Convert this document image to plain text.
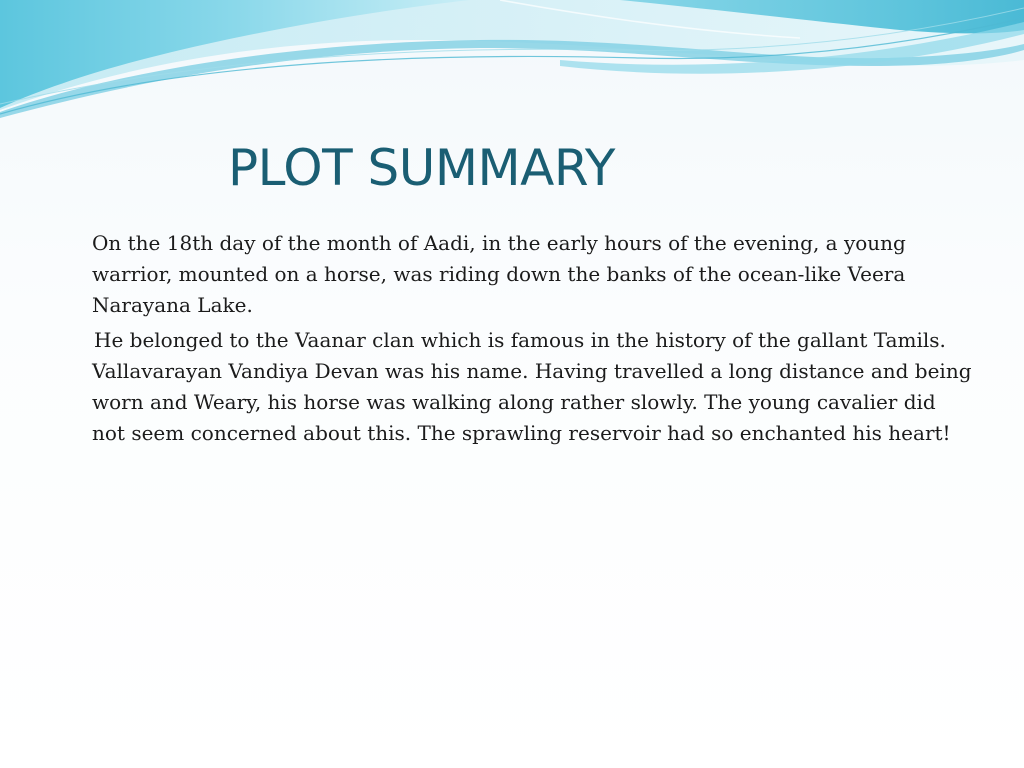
PLOT SUMMARY

On the 18th day of the month of Aadi, in the early hours of the evening, a young warrior, mounted on a horse, was riding down the banks of the ocean-like Veera Narayana Lake.

He belonged to the Vaanar clan which is famous in the history of the gallant Tamils. Vallavarayan Vandiya Devan was his name. Having travelled a long distance and being worn and Weary, his horse was walking along rather slowly. The young cavalier did not seem concerned about this. The sprawling reservoir had so enchanted his heart!
